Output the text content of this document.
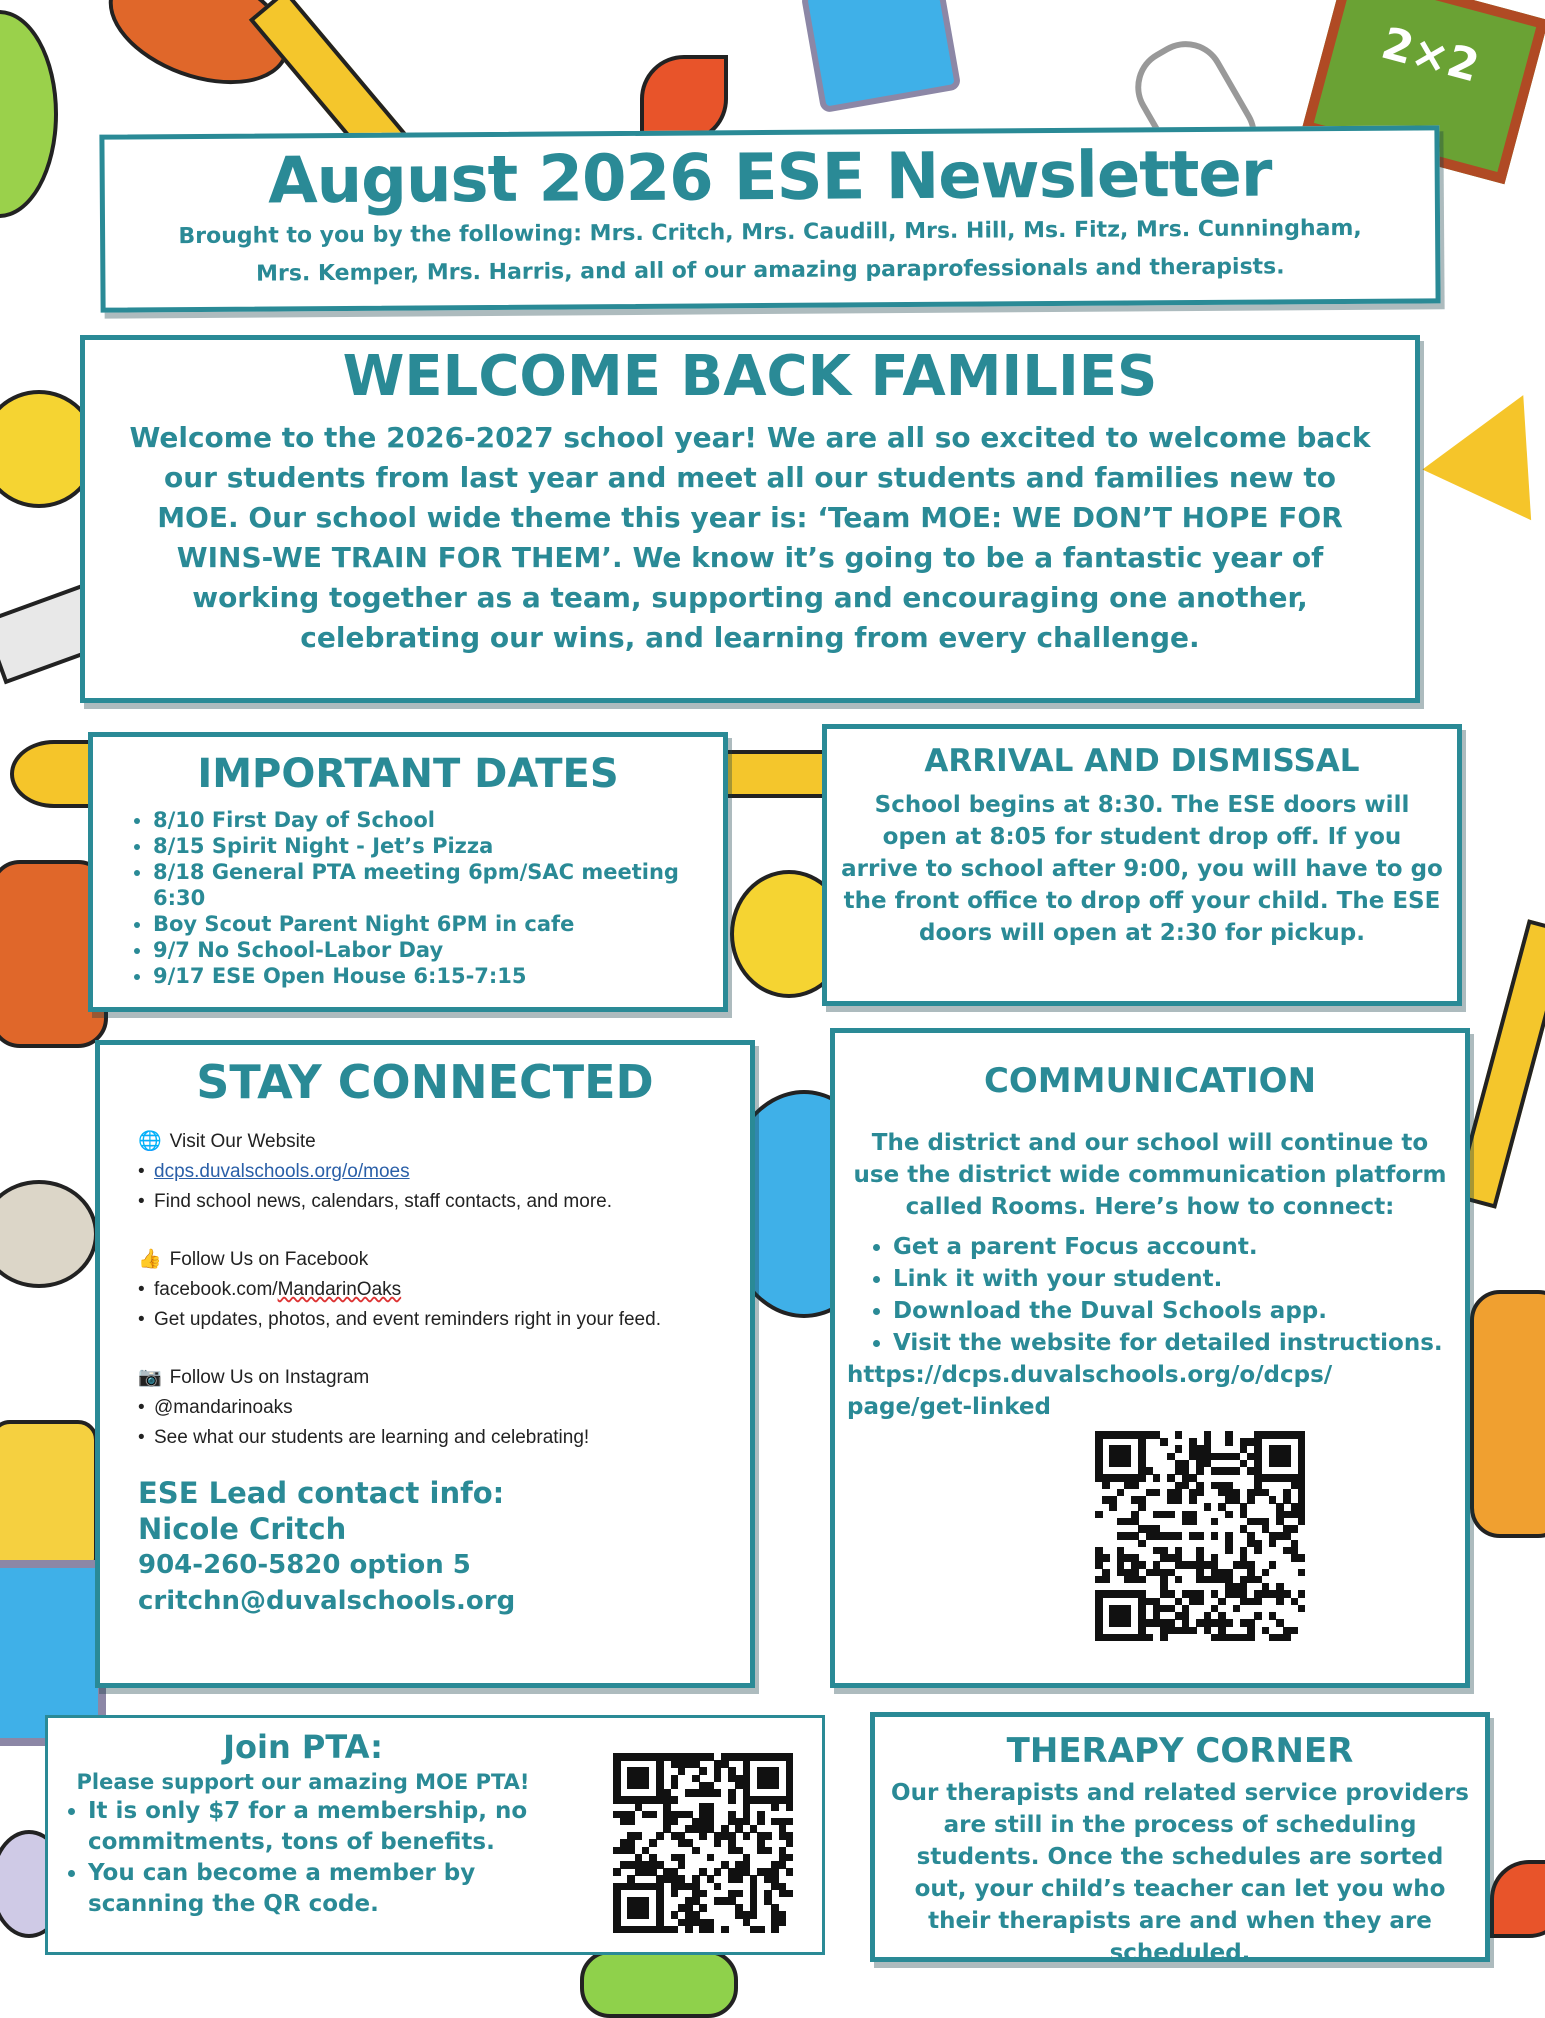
2×2
August 2026 ESE Newsletter
Brought to you by the following: Mrs. Critch, Mrs. Caudill, Mrs. Hill, Ms. Fitz, Mrs. Cunningham,
Mrs. Kemper, Mrs. Harris, and all of our amazing paraprofessionals and therapists.
WELCOME BACK FAMILIES
Welcome to the 2026-2027 school year! We are all so excited to welcome back our students from last year and meet all our students and families new to MOE. Our school wide theme this year is: ‘Team MOE: WE DON’T HOPE FOR WINS-WE TRAIN FOR THEM’. We know it’s going to be a fantastic year of working together as a team, supporting and encouraging one another, celebrating our wins, and learning from every challenge.
IMPORTANT DATES
• 8/10 First Day of School
• 8/15 Spirit Night - Jet’s Pizza
• 8/18 General PTA meeting 6pm/SAC meeting 6:30
• Boy Scout Parent Night 6PM in cafe
• 9/7 No School-Labor Day
• 9/17 ESE Open House 6:15-7:15
ARRIVAL AND DISMISSAL
School begins at 8:30. The ESE doors will open at 8:05 for student drop off. If you arrive to school after 9:00, you will have to go the front office to drop off your child. The ESE doors will open at 2:30 for pickup.
STAY CONNECTED
🌐 Visit Our Website
• dcps.duvalschools.org/o/moes
• Find school news, calendars, staff contacts, and more.
👍 Follow Us on Facebook
• facebook.com/MandarinOaks
• Get updates, photos, and event reminders right in your feed.
📷 Follow Us on Instagram
• @mandarinoaks
• See what our students are learning and celebrating!
ESE Lead contact info:
Nicole Critch
904-260-5820 option 5
critchn@duvalschools.org
COMMUNICATION
The district and our school will continue to use the district wide communication platform called Rooms. Here’s how to connect:
• Get a parent Focus account.
• Link it with your student.
• Download the Duval Schools app.
• Visit the website for detailed instructions.
https://dcps.duvalschools.org/o/dcps/
page/get-linked
Join PTA:
Please support our amazing MOE PTA!
• It is only $7 for a membership, no commitments, tons of benefits.
• You can become a member by scanning the QR code.
THERAPY CORNER
Our therapists and related service providers are still in the process of scheduling students. Once the schedules are sorted out, your child’s teacher can let you who their therapists are and when they are scheduled.
